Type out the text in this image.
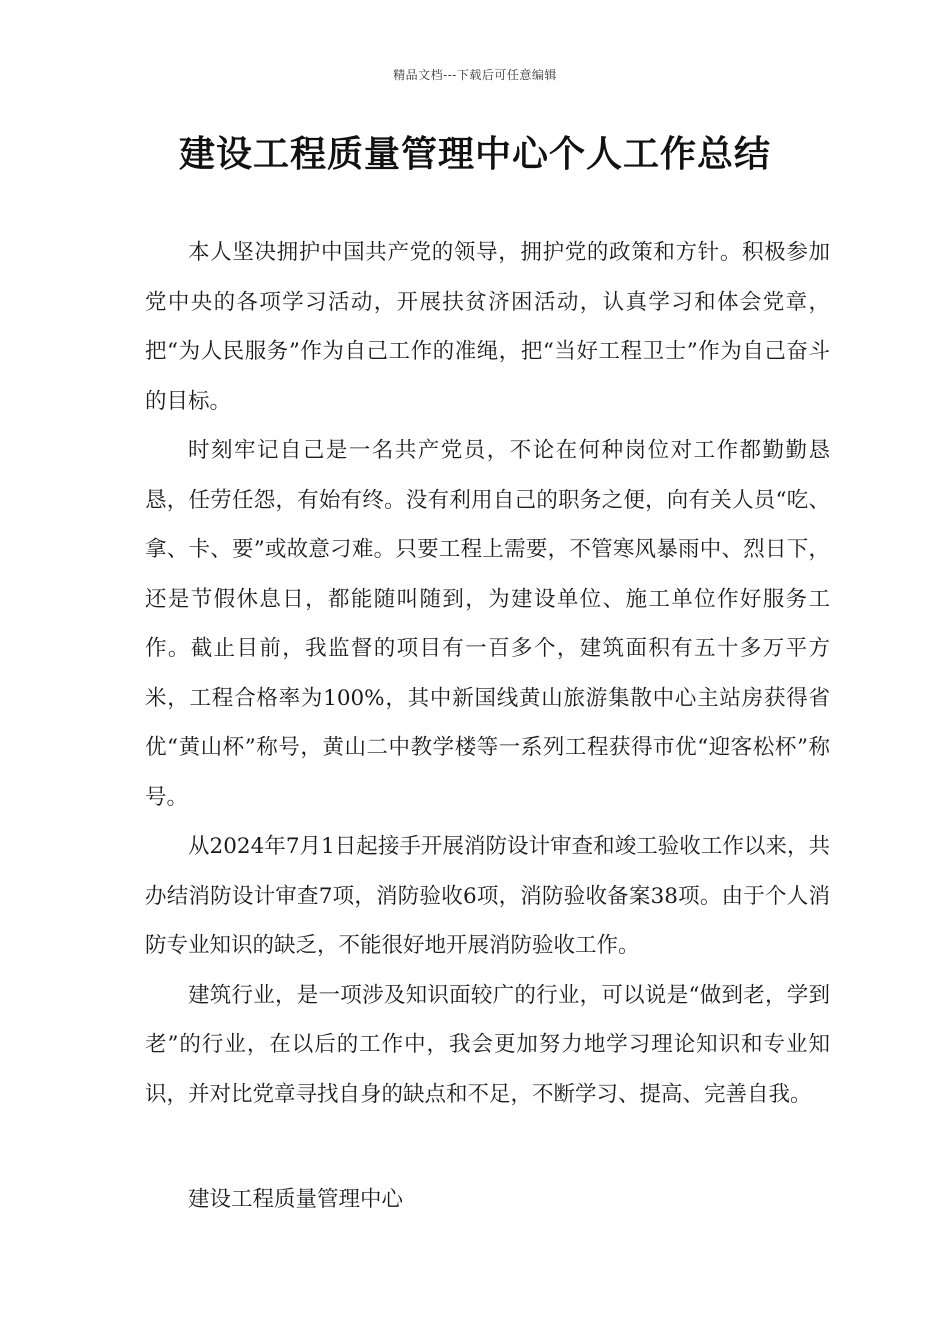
精品文档---下载后可任意编辑
建设工程质量管理中心个人工作总结

本人坚决拥护中国共产党的领导，拥护党的政策和方针。积极参加党中央的各项学习活动，开展扶贫济困活动，认真学习和体会党章，把“为人民服务”作为自己工作的准绳，把“当好工程卫士”作为自己奋斗的目标。

时刻牢记自己是一名共产党员，不论在何种岗位对工作都勤勤恳恳，任劳任怨，有始有终。没有利用自己的职务之便，向有关人员“吃、拿、卡、要”或故意刁难。只要工程上需要，不管寒风暴雨中、烈日下，还是节假休息日，都能随叫随到，为建设单位、施工单位作好服务工作。截止目前，我监督的项目有一百多个，建筑面积有五十多万平方米，工程合格率为100%，其中新国线黄山旅游集散中心主站房获得省优“黄山杯”称号，黄山二中教学楼等一系列工程获得市优“迎客松杯”称号。

从2024年7月1日起接手开展消防设计审查和竣工验收工作以来，共办结消防设计审查7项，消防验收6项，消防验收备案38项。由于个人消防专业知识的缺乏，不能很好地开展消防验收工作。

建筑行业，是一项涉及知识面较广的行业，可以说是“做到老，学到老”的行业，在以后的工作中，我会更加努力地学习理论知识和专业知识，并对比党章寻找自身的缺点和不足，不断学习、提高、完善自我。

建设工程质量管理中心
